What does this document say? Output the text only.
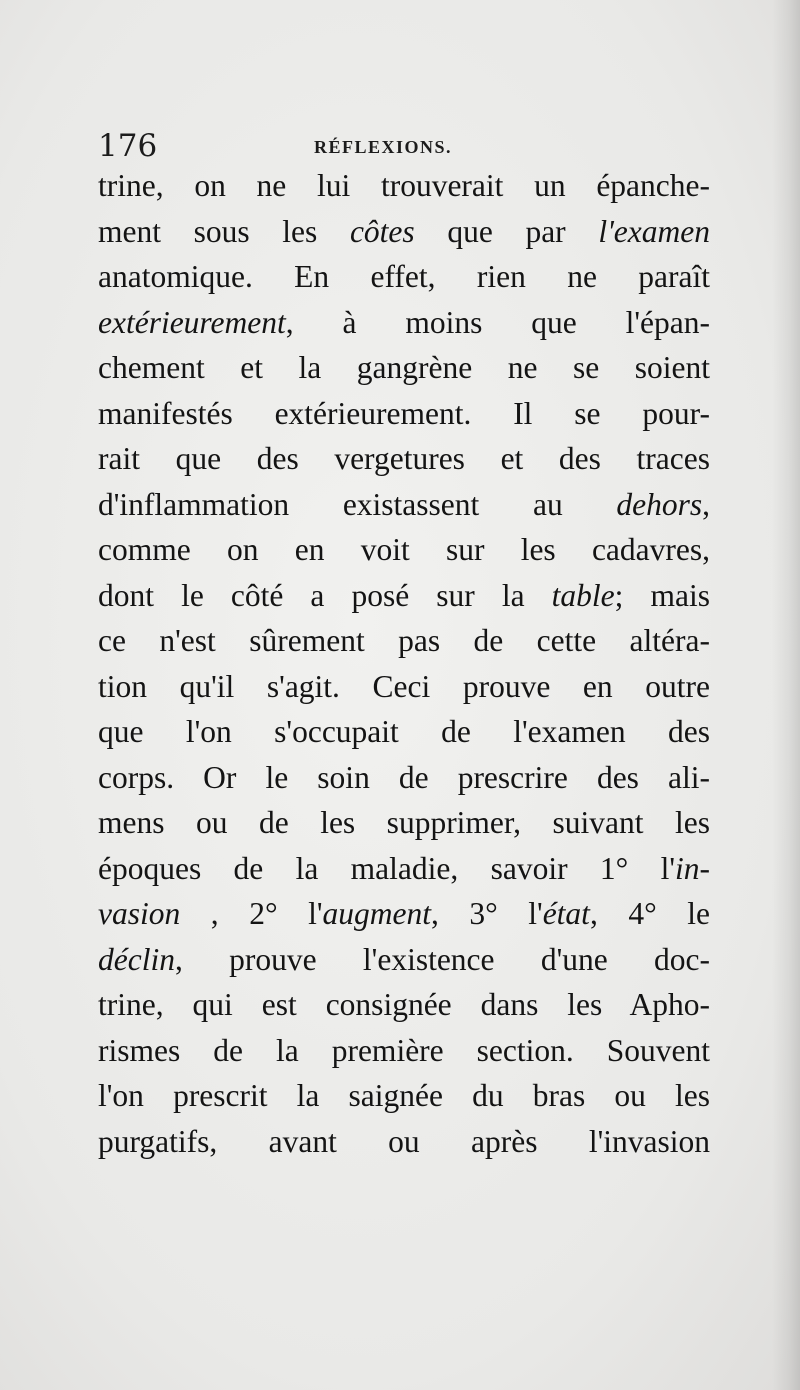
176	RÉFLEXIONS.
trine, on ne lui trouverait un épanche-
ment sous les côtes que par l'examen
anatomique. En effet, rien ne paraît
extérieurement, à moins que l'épan-
chement et la gangrène ne se soient
manifestés extérieurement. Il se pour-
rait que des vergetures et des traces
d'inflammation existassent au dehors,
comme on en voit sur les cadavres,
dont le côté a posé sur la table; mais
ce n'est sûrement pas de cette altéra-
tion qu'il s'agit. Ceci prouve en outre
que l'on s'occupait de l'examen des
corps. Or le soin de prescrire des ali-
mens ou de les supprimer, suivant les
époques de la maladie, savoir 1° l'in-
vasion , 2° l'augment, 3° l'état, 4° le
déclin, prouve l'existence d'une doc-
trine, qui est consignée dans les Apho-
rismes de la première section. Souvent
l'on prescrit la saignée du bras ou les
purgatifs, avant ou après l'invasion
